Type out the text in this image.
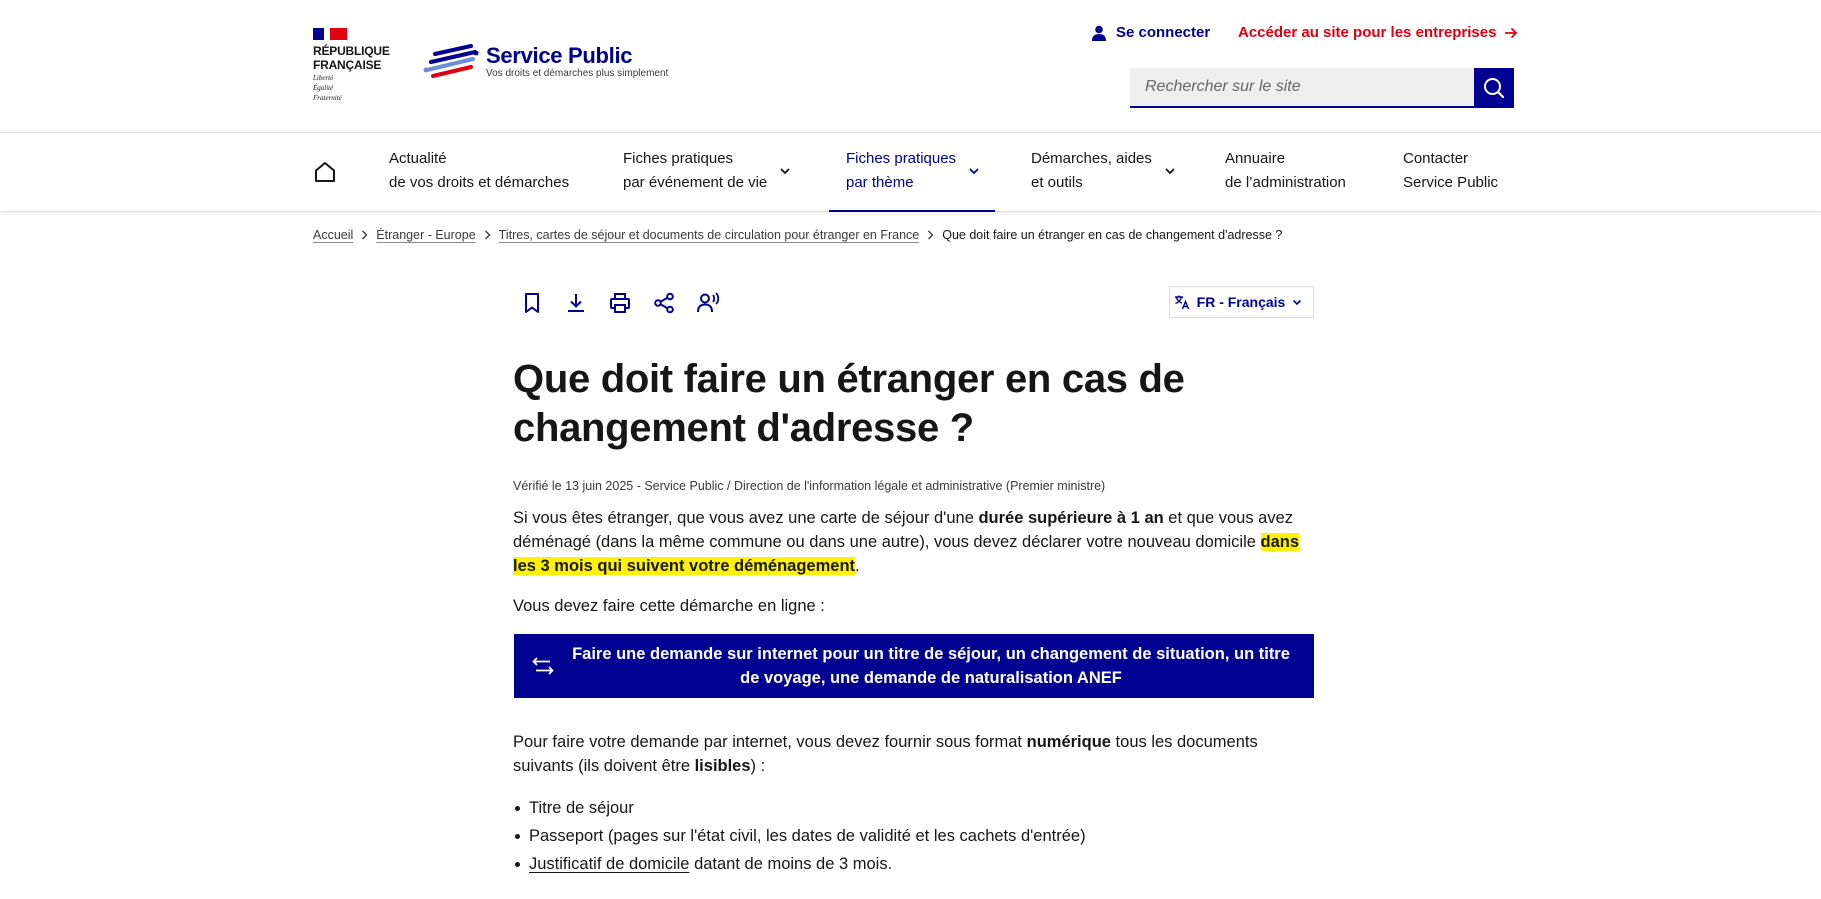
RÉPUBLIQUE
FRANÇAISE
Liberté
Égalité
Fraternité
Service Public
Vos droits et démarches plus simplement
Se connecter Accéder au site pour les entreprises
Rechercher sur le site
Actualité
de vos droits et démarches
Fiches pratiques
par événement de vie
Fiches pratiques
par thème
Démarches, aides
et outils
Annuaire
de l’administration
Contacter
Service Public
Accueil Étranger - Europe Titres, cartes de séjour et documents de circulation pour étranger en France Que doit faire un étranger en cas de changement d'adresse ?
FR - Français
Que doit faire un étranger en cas de changement d'adresse ?
Vérifié le 13 juin 2025 - Service Public / Direction de l'information légale et administrative (Premier ministre)

Si vous êtes étranger, que vous avez une carte de séjour d'une durée supérieure à 1 an et que vous avez déménagé (dans la même commune ou dans une autre), vous devez déclarer votre nouveau domicile dans les 3 mois qui suivent votre déménagement.

Vous devez faire cette démarche en ligne :

Faire une demande sur internet pour un titre de séjour, un changement de situation, un titre de voyage, une demande de naturalisation ANEF

Pour faire votre demande par internet, vous devez fournir sous format numérique tous les documents suivants (ils doivent être lisibles) :

Titre de séjour
Passeport (pages sur l'état civil, les dates de validité et les cachets d'entrée)
Justificatif de domicile datant de moins de 3 mois.
